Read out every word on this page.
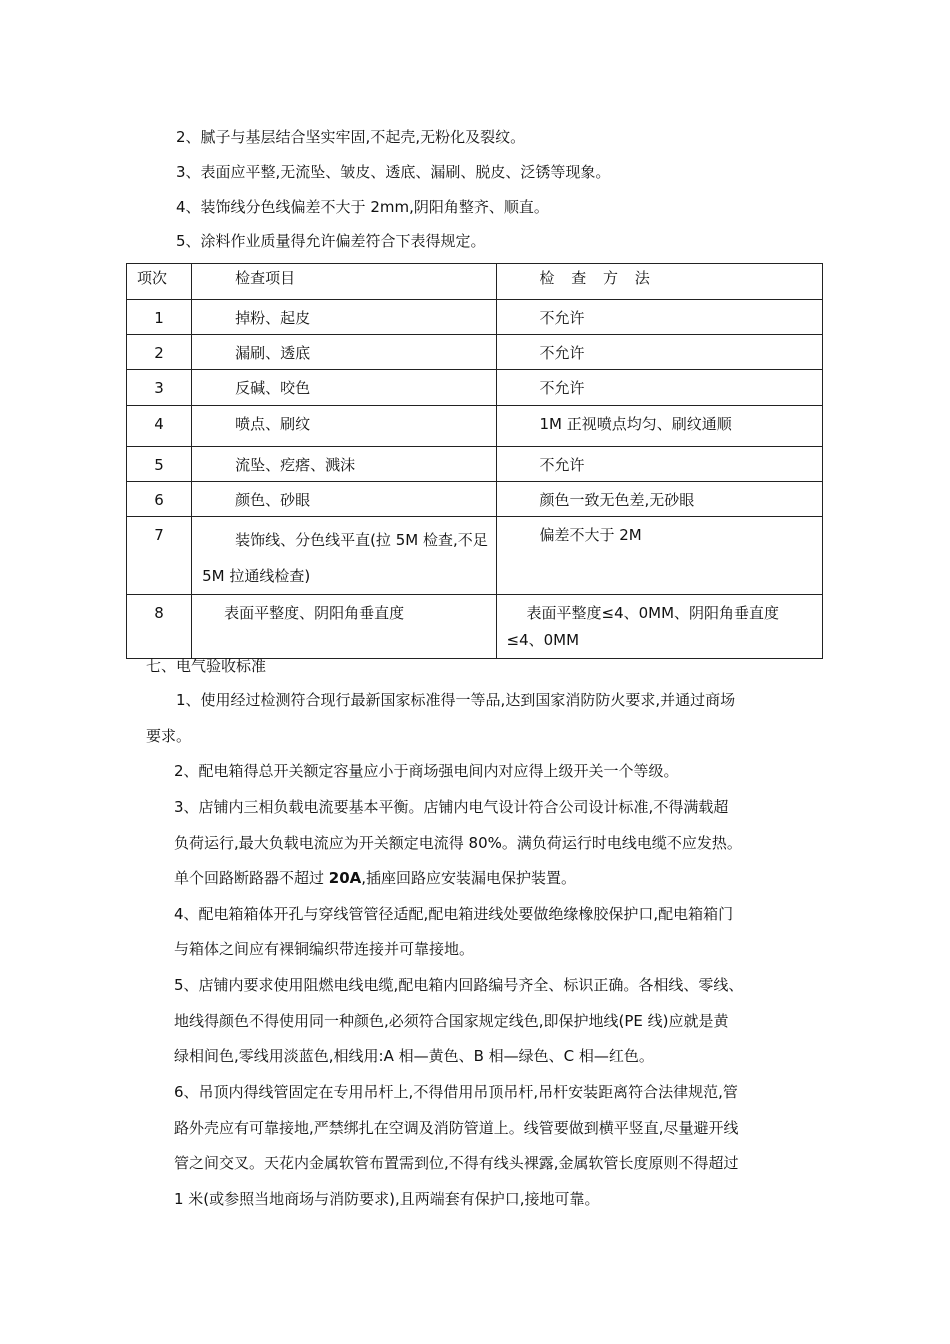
2、腻子与基层结合坚实牢固,不起壳,无粉化及裂纹。
3、表面应平整,无流坠、皱皮、透底、漏刷、脱皮、泛锈等现象。
4、装饰线分色线偏差不大于 2mm,阴阳角整齐、顺直。
5、涂料作业质量得允许偏差符合下表得规定。
项次	检查项目	检 查 方 法
1	掉粉、起皮	不允许
2	漏刷、透底	不允许
3	反碱、咬色	不允许
4	喷点、刷纹	1M 正视喷点均匀、刷纹通顺
5	流坠、疙瘩、溅沫	不允许
6	颜色、砂眼	颜色一致无色差,无砂眼
7	装饰线、分色线平直(拉 5M 检查,不足 5M 拉通线检查)	偏差不大于 2M
8	表面平整度、阴阳角垂直度	表面平整度≤4、0MM、阴阳角垂直度≤4、0MM
七、电气验收标准
1、使用经过检测符合现行最新国家标准得一等品,达到国家消防防火要求,并通过商场
要求。
2、配电箱得总开关额定容量应小于商场强电间内对应得上级开关一个等级。
3、店铺内三相负载电流要基本平衡。店铺内电气设计符合公司设计标准,不得满载超
负荷运行,最大负载电流应为开关额定电流得 80%。满负荷运行时电线电缆不应发热。
单个回路断路器不超过 20A,插座回路应安装漏电保护装置。
4、配电箱箱体开孔与穿线管管径适配,配电箱进线处要做绝缘橡胶保护口,配电箱箱门
与箱体之间应有裸铜编织带连接并可靠接地。
5、店铺内要求使用阻燃电线电缆,配电箱内回路编号齐全、标识正确。各相线、零线、
地线得颜色不得使用同一种颜色,必须符合国家规定线色,即保护地线(PE 线)应就是黄
绿相间色,零线用淡蓝色,相线用:A 相—黄色、B 相—绿色、C 相—红色。
6、吊顶内得线管固定在专用吊杆上,不得借用吊顶吊杆,吊杆安装距离符合法律规范,管
路外壳应有可靠接地,严禁绑扎在空调及消防管道上。线管要做到横平竖直,尽量避开线
管之间交叉。天花内金属软管布置需到位,不得有线头裸露,金属软管长度原则不得超过
1 米(或参照当地商场与消防要求),且两端套有保护口,接地可靠。
